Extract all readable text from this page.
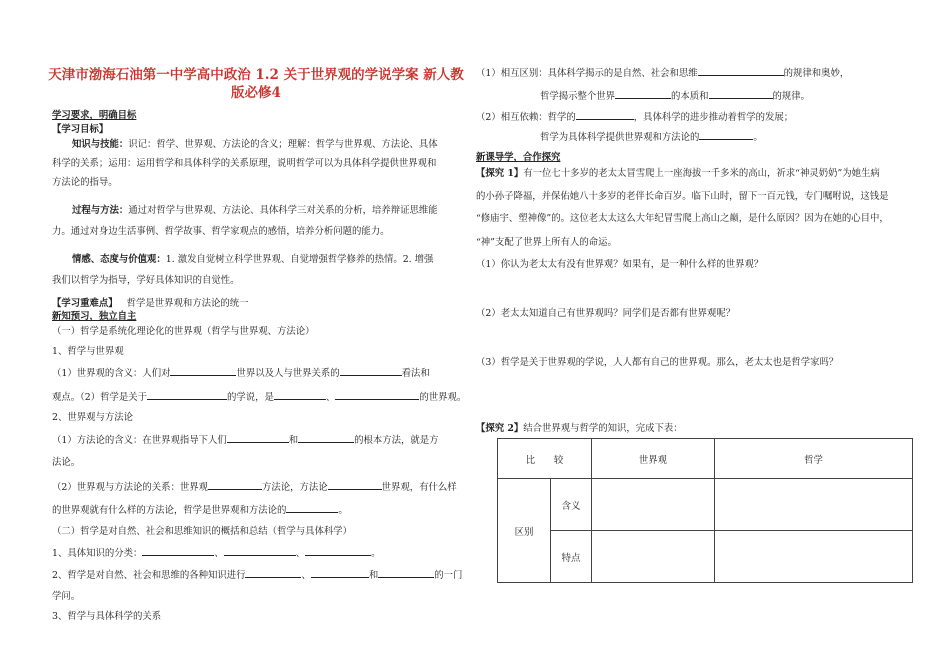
天津市渤海石油第一中学高中政治 1.2 关于世界观的学说学案 新人教
版必修4
学习要求，明确目标
【学习目标】
知识与技能：识记：哲学、世界观、方法论的含义；理解：哲学与世界观、方法论、具体
科学的关系；运用：运用哲学和具体科学的关系原理，说明哲学可以为具体科学提供世界观和
方法论的指导。
过程与方法：通过对哲学与世界观、方法论、具体科学三对关系的分析，培养辩证思维能
力。通过对身边生活事例、哲学故事、哲学家观点的感悟，培养分析问题的能力。
情感、态度与价值观：1. 激发自觉树立科学世界观、自觉增强哲学修养的热情。2. 增强
我们以哲学为指导，学好具体知识的自觉性。
【学习重难点】 哲学是世界观和方法论的统一
新知预习，独立自主
（一）哲学是系统化理论化的世界观（哲学与世界观、方法论）
1、哲学与世界观
（1）世界观的含义：人们对	世界以及人与世界关系的	看法和
观点。（2）哲学是关于	的学说，是	、	的世界观。
2、世界观与方法论
（1）方法论的含义：在世界观指导下人们	和	的根本方法，就是方
法论。
（2）世界观与方法论的关系：世界观	方法论，方法论	世界观，有什么样
的世界观就有什么样的方法论，哲学是世界观和方法论的	。
（二）哲学是对自然、社会和思维知识的概括和总结（哲学与具体科学）
1、具体知识的分类：	、	、	。
2、哲学是对自然、社会和思维的各种知识进行	、	和	的一门
学问。
3、哲学与具体科学的关系
（1）相互区别：具体科学揭示的是自然、社会和思维	的规律和奥妙，
哲学揭示整个世界	的本质和	的规律。
（2）相互依赖：哲学的	，具体科学的进步推动着哲学的发展；
哲学为具体科学提供世界观和方法论的	。
新课导学，合作探究
【探究 1】有一位七十多岁的老太太冒雪爬上一座海拔一千多米的高山，祈求“神灵奶奶”为她生病
的小孙子降福，并保佑她八十多岁的老伴长命百岁。临下山时，留下一百元钱，专门嘱咐说，这钱是
“修庙宇、塑神像”的。这位老太太这么大年纪冒雪爬上高山之巅，是什么原因？因为在她的心目中，
“神”支配了世界上所有人的命运。
（1）你认为老太太有没有世界观？如果有，是一种什么样的世界观？
（2）老太太知道自己有世界观吗？同学们是否都有世界观呢？
（3）哲学是关于世界观的学说，人人都有自己的世界观。那么，老太太也是哲学家吗？
【探究 2】结合世界观与哲学的知识，完成下表：
比　　较		世界观	哲学
区别	含义		
	特点		
